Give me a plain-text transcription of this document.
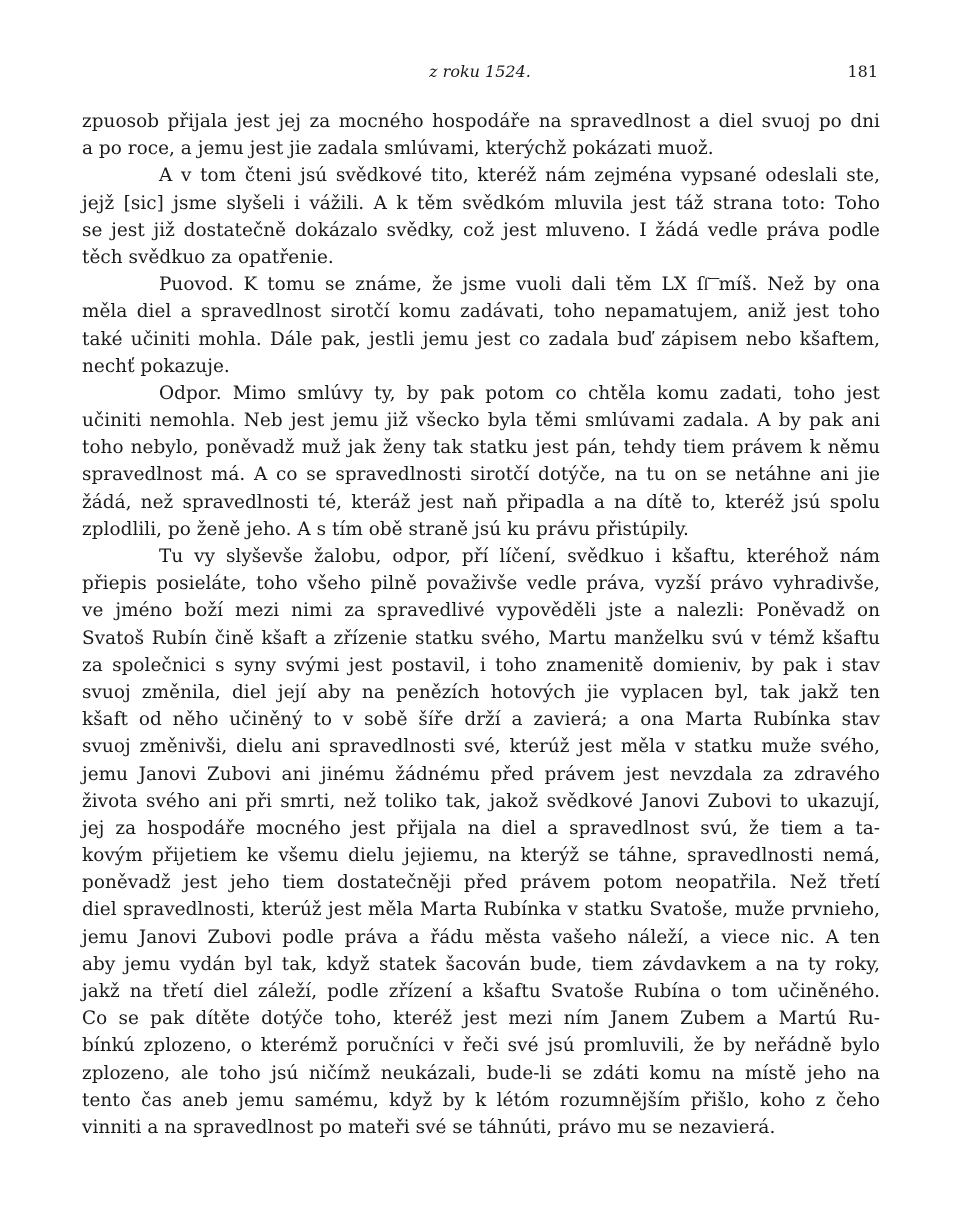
z roku 1524.	181
zpuosob přijala jest jej za mocného hospodáře na spravedlnost a diel svuoj po dni
a po roce, a jemu jest jie zadala smlúvami, kterýchž pokázati muož.
A v tom čteni jsú svědkové tito, kteréž nám zejména vypsané odeslali ste,
jejž [sic] jsme slyšeli i vážili. A k těm svědkóm mluvila jest táž strana toto: Toho
se jest již dostatečně dokázalo svědky, což jest mluveno. I žádá vedle práva podle
těch svědkuo za opatřenie.
Puovod. K tomu se známe, že jsme vuoli dali těm LX ſſ͞ míš. Než by ona
měla diel a spravedlnost sirotčí komu zadávati, toho nepamatujem, aniž jest toho
také učiniti mohla. Dále pak, jestli jemu jest co zadala buď zápisem nebo kšaftem,
nechť pokazuje.
Odpor. Mimo smlúvy ty, by pak potom co chtěla komu zadati, toho jest
učiniti nemohla. Neb jest jemu již všecko byla těmi smlúvami zadala. A by pak ani
toho nebylo, poněvadž muž jak ženy tak statku jest pán, tehdy tiem právem k němu
spravedlnost má. A co se spravedlnosti sirotčí dotýče, na tu on se netáhne ani jie
žádá, než spravedlnosti té, kteráž jest naň připadla a na dítě to, kteréž jsú spolu
zplodlili, po ženě jeho. A s tím obě straně jsú ku právu přistúpily.
Tu vy slyševše žalobu, odpor, pří líčení, svědkuo i kšaftu, kteréhož nám
přiepis posieláte, toho všeho pilně považivše vedle práva, vyzší právo vyhradivše,
ve jméno boží mezi nimi za spravedlivé vypověděli jste a nalezli: Poněvadž on
Svatoš Rubín čině kšaft a zřízenie statku svého, Martu manželku svú v témž kšaftu
za společnici s syny svými jest postavil, i toho znamenitě domieniv, by pak i stav
svuoj změnila, diel její aby na penězích hotových jie vyplacen byl, tak jakž ten
kšaft od něho učiněný to v sobě šíře drží a zavierá; a ona Marta Rubínka stav
svuoj změnivši, dielu ani spravedlnosti své, kterúž jest měla v statku muže svého,
jemu Janovi Zubovi ani jinému žádnému před právem jest nevzdala za zdravého
života svého ani při smrti, než toliko tak, jakož svědkové Janovi Zubovi to ukazují,
jej za hospodáře mocného jest přijala na diel a spravedlnost svú, že tiem a ta-
kovým přijetiem ke všemu dielu jejiemu, na kterýž se táhne, spravedlnosti nemá,
poněvadž jest jeho tiem dostatečněji před právem potom neopatřila. Než třetí
diel spravedlnosti, kterúž jest měla Marta Rubínka v statku Svatoše, muže prvnieho,
jemu Janovi Zubovi podle práva a řádu města vašeho náleží, a viece nic. A ten
aby jemu vydán byl tak, když statek šacován bude, tiem závdavkem a na ty roky,
jakž na třetí diel záleží, podle zřízení a kšaftu Svatoše Rubína o tom učiněného.
Co se pak dítěte dotýče toho, kteréž jest mezi ním Janem Zubem a Martú Ru-
bínkú zplozeno, o kterémž poručníci v řeči své jsú promluvili, že by neřádně bylo
zplozeno, ale toho jsú ničímž neukázali, bude-li se zdáti komu na místě jeho na
tento čas aneb jemu samému, když by k létóm rozumnějším přišlo, koho z čeho
vinniti a na spravedlnost po mateři své se táhnúti, právo mu se nezavierá.
